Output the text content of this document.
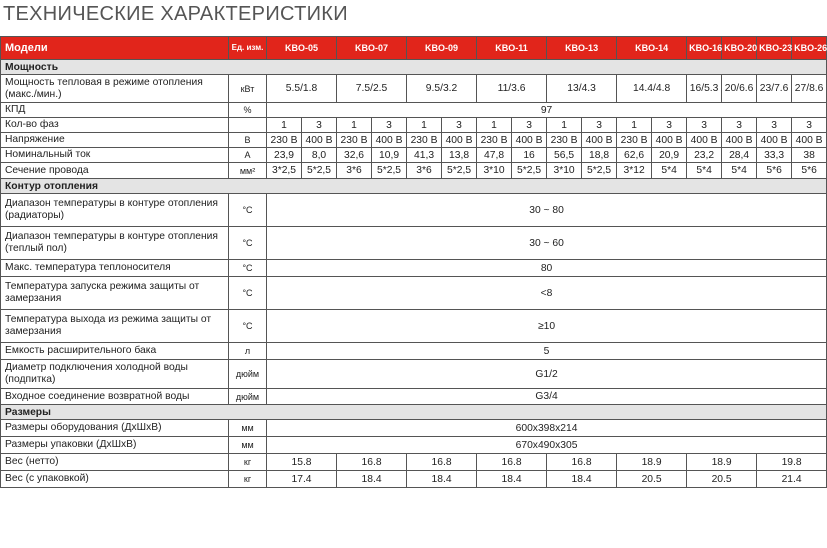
ТЕХНИЧЕСКИЕ ХАРАКТЕРИСТИКИ
Модели	Ед. изм.	KBO-05		KBO-07		KBO-09		KBO-11		KBO-13		KBO-14		KBO-16	KBO-20	KBO-23	KBO-26
Мощность																	
Мощность тепловая в режиме отопления (макс./мин.)	кВт	5.5/1.8		7.5/2.5		9.5/3.2		11/3.6		13/4.3		14.4/4.8		16/5.3	20/6.6	23/7.6	27/8.6
КПД	%	97															
Кол-во фаз		1	3	1	3	1	3	1	3	1	3	1	3	3	3	3	3
Напряжение	В	230 В	400 В	230 В	400 В	230 В	400 В	230 В	400 В	230 В	400 В	230 В	400 В	400 В	400 В	400 В	400 В
Номинальный ток	А	23,9	8,0	32,6	10,9	41,3	13,8	47,8	16	56,5	18,8	62,6	20,9	23,2	28,4	33,3	38
Сечение провода	мм²	3*2,5	5*2,5	3*6	5*2,5	3*6	5*2,5	3*10	5*2,5	3*10	5*2,5	3*12	5*4	5*4	5*4	5*6	5*6
Контур отопления																	
Диапазон температуры в контуре отопления (радиаторы)	°C	30 ~ 80															
Диапазон температуры в контуре отопления (теплый пол)	°C	30 ~ 60															
Макс. температура теплоносителя	°C	80															
Температура запуска режима защиты от замерзания	°C	<8															
Температура выхода из режима защиты от замерзания	°C	≥10															
Емкость расширительного бака	л	5															
Диаметр подключения холодной воды (подпитка)	дюйм	G1/2															
Входное соединение возвратной воды	дюйм	G3/4															
Размеры																	
Размеры оборудования (ДxШxВ)	мм	600x398x214															
Размеры упаковки (ДxШxВ)	мм	670x490x305															
Вес (нетто)	кг	15.8		16.8		16.8		16.8		16.8		18.9		18.9		19.8	
Вес (с упаковкой)	кг	17.4		18.4		18.4		18.4		18.4		20.5		20.5		21.4	
